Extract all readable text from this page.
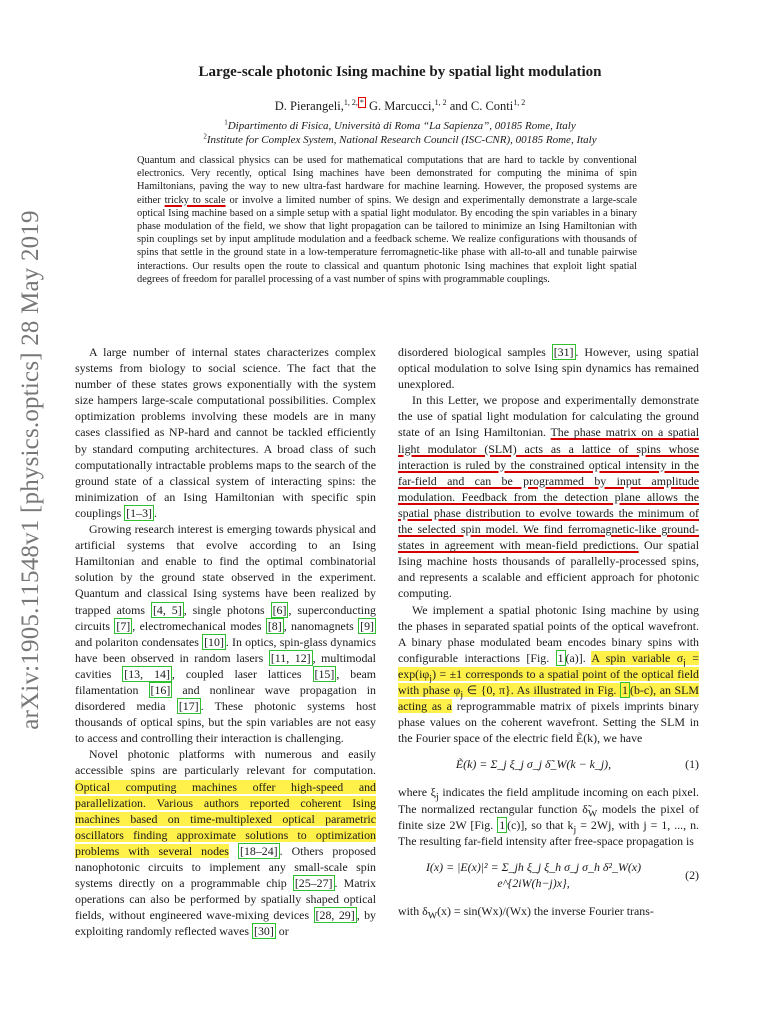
arXiv:1905.11548v1 [physics.optics] 28 May 2019
Large-scale photonic Ising machine by spatial light modulation
D. Pierangeli,$^{1, 2,}$ * G. Marcucci,$^{1, 2}$ and C. Conti$^{1, 2}$
$^1$Dipartimento di Fisica, Università di Roma “La Sapienza”, 00185 Rome, Italy
$^2$Institute for Complex System, National Research Council (ISC-CNR), 00185 Rome, Italy

Quantum and classical physics can be used for mathematical computations that are hard to tackle by conventional electronics. Very recently, optical Ising machines have been demonstrated for computing the minima of spin Hamiltonians, paving the way to new ultra-fast hardware for machine learning. However, the proposed systems are either tricky to scale or involve a limited number of spins. We design and experimentally demonstrate a large-scale optical Ising machine based on a simple setup with a spatial light modulator. By encoding the spin variables in a binary phase modulation of the field, we show that light propagation can be tailored to minimize an Ising Hamiltonian with spin couplings set by input amplitude modulation and a feedback scheme. We realize configurations with thousands of spins that settle in the ground state in a low-temperature ferromagnetic-like phase with all-to-all and tunable pairwise interactions. Our results open the route to classical and quantum photonic Ising machines that exploit light spatial degrees of freedom for parallel processing of a vast number of spins with programmable couplings.

A large number of internal states characterizes complex systems from biology to social science. The fact that the number of these states grows exponentially with the system size hampers large-scale computational possibilities. Complex optimization problems involving these models are in many cases classified as NP-hard and cannot be tackled efficiently by standard computing architectures. A broad class of such computationally intractable problems maps to the search of the ground state of a classical system of interacting spins: the minimization of an Ising Hamiltonian with specific spin couplings [1–3] .

Growing research interest is emerging towards physical and artificial systems that evolve according to an Ising Hamiltonian and enable to find the optimal combinatorial solution by the ground state observed in the experiment. Quantum and classical Ising systems have been realized by trapped atoms [4, 5] , single photons [6] , superconducting circuits [7] , electromechanical modes [8] , nanomagnets [9] and polariton condensates [10] . In optics, spin-glass dynamics have been observed in random lasers [11, 12] , multimodal cavities [13, 14] , coupled laser lattices [15] , beam filamentation [16] and nonlinear wave propagation in disordered media [17] . These photonic systems host thousands of optical spins, but the spin variables are not easy to access and controlling their interaction is challenging.

Novel photonic platforms with numerous and easily accessible spins are particularly relevant for computation. Optical computing machines offer high-speed and parallelization. Various authors reported coherent Ising machines based on time-multiplexed optical parametric oscillators finding approximate solutions to optimization problems with several nodes [18–24] . Others proposed nanophotonic circuits to implement any small-scale spin systems directly on a programmable chip [25–27] . Matrix operations can also be performed by spatially shaped optical fields, without engineered wave-mixing devices [28, 29] , by exploiting randomly reflected waves [30] or

disordered biological samples [31] . However, using spatial optical modulation to solve Ising spin dynamics has remained unexplored.

In this Letter, we propose and experimentally demonstrate the use of spatial light modulation for calculating the ground state of an Ising Hamiltonian. The phase matrix on a spatial light modulator (SLM) acts as a lattice of spins whose interaction is ruled by the constrained optical intensity in the far-field and can be programmed by input amplitude modulation. Feedback from the detection plane allows the spatial phase distribution to evolve towards the minimum of the selected spin model. We find ferromagnetic-like ground-states in agreement with mean-field predictions. Our spatial Ising machine hosts thousands of parallelly-processed spins, and represents a scalable and efficient approach for photonic computing.

We implement a spatial photonic Ising machine by using the phases in separated spatial points of the optical wavefront. A binary phase modulated beam encodes binary spins with configurable interactions [Fig. 1 (a)]. A spin variable $\sigma_j = \exp(i\varphi_j) = \pm 1$ corresponds to a spatial point of the optical field with phase $\varphi_j$ ∈ {0, π}. As illustrated in Fig. 1 (b-c), an SLM acting as a reprogrammable matrix of pixels imprints binary phase values on the coherent wavefront. Setting the SLM in the Fourier space of the electric field Ẽ(k), we have

Ẽ(k) = Σ_j ξ_j σ_j δ̃_W(k − k_j),	(1)

where $\xi_j$ indicates the field amplitude incoming on each pixel. The normalized rectangular function $\deltã_W$ models the pixel of finite size 2W [Fig. 1 (c)], so that $k_j = 2Wj$, with j = 1, ..., n. The resulting far-field intensity after free-space propagation is

I(x) = |E(x)|² = Σ_jh ξ_j ξ_h σ_j σ_h δ²_W(x) e^{2iW(h−j)x},
(2)

with $\delta_W(x) = \sin(Wx)/(Wx)$ the inverse Fourier trans-
